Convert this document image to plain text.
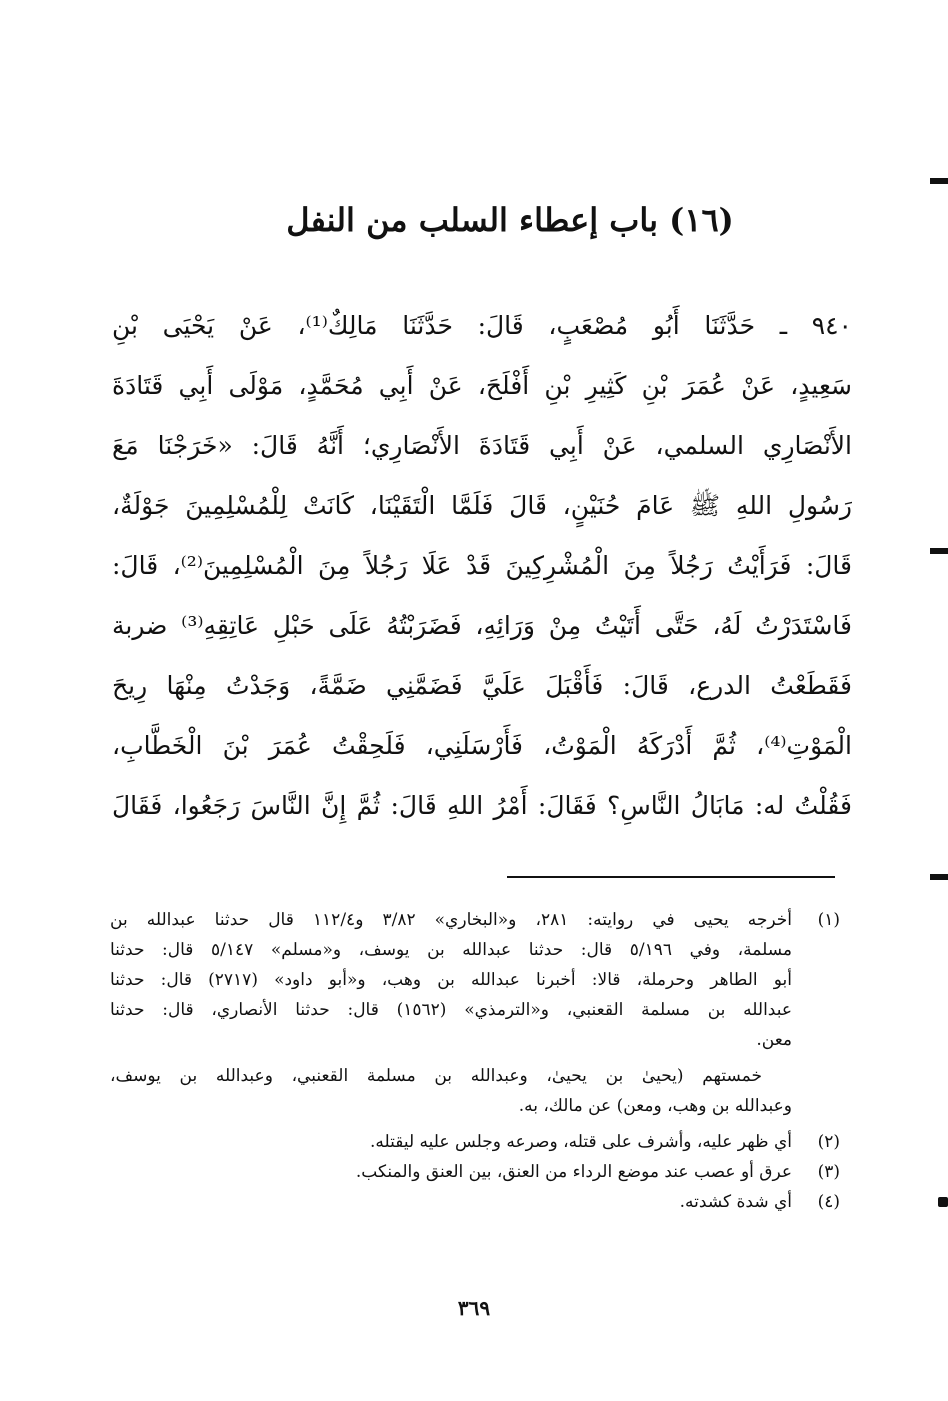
(١٦) باب إعطاء السلب من النفل
٩٤٠ ـ حَدَّثَنَا أَبُو مُصْعَبٍ، قَالَ: حَدَّثَنَا مَالِكٌ⁽¹⁾، عَنْ يَحْيَى بْنِ
سَعِيدٍ، عَنْ عُمَرَ بْنِ كَثِيرِ بْنِ أَفْلَحَ، عَنْ أَبِي مُحَمَّدٍ، مَوْلَى أَبِي قَتَادَةَ
الأَنْصَارِي السلمي، عَنْ أَبِي قَتَادَةَ الأَنْصَارِي؛ أَنَّهُ قَالَ: «خَرَجْنَا مَعَ
رَسُولِ اللهِ ﷺ عَامَ حُنَيْنٍ، قَالَ فَلَمَّا الْتَقَيْنَا، كَانَتْ لِلْمُسْلِمِينَ جَوْلَةٌ،
قَالَ: فَرَأَيْتُ رَجُلاً مِنَ الْمُشْرِكِينَ قَدْ عَلَا رَجُلاً مِنَ الْمُسْلِمِينَ⁽²⁾، قَالَ:
فَاسْتَدَرْتُ لَهُ، حَتَّى أَتَيْتُ مِنْ وَرَائِهِ، فَضَرَبْتُهُ عَلَى حَبْلِ عَاتِقِهِ⁽³⁾ ضربة
فَقَطَعْتُ الدرع، قَالَ: فَأَقْبَلَ عَلَيَّ فَضَمَّنِي ضَمَّةً، وَجَدْتُ مِنْهَا رِيحَ
الْمَوْتِ⁽⁴⁾، ثُمَّ أَدْرَكَهُ الْمَوْتُ، فَأَرْسَلَنِي، فَلَحِقْتُ عُمَرَ بْنَ الْخَطَّابِ،
فَقُلْتُ له: مَابَالُ النَّاسِ؟ فَقَالَ: أَمْرُ اللهِ قَالَ: ثُمَّ إِنَّ النَّاسَ رَجَعُوا، فَقَالَ
(١)
أخرجه يحيى في روايته: ٢٨١، و«البخاري» ٣/٨٢ و١١٢/٤ قال حدثنا عبدالله بن
مسلمة، وفي ٥/١٩٦ قال: حدثنا عبدالله بن يوسف، و«مسلم» ٥/١٤٧ قال: حدثنا
أبو الطاهر وحرملة، قالا: أخبرنا عبدالله بن وهب، و«أبو داود» (٢٧١٧) قال: حدثنا
عبدالله بن مسلمة القعنبي، و«الترمذي» (١٥٦٢) قال: حدثنا الأنصاري، قال: حدثنا
معن.
خمستهم (يحيىٰ بن يحيىٰ، وعبدالله بن مسلمة القعنبي، وعبدالله بن يوسف،
وعبدالله بن وهب، ومعن) عن مالك، به.
(٢)
أي ظهر عليه، وأشرف على قتله، وصرعه وجلس عليه ليقتله.
(٣)
عرق أو عصب عند موضع الرداء من العنق، بين العنق والمنكب.
(٤)
أي شدة كشدته.
٣٦٩
